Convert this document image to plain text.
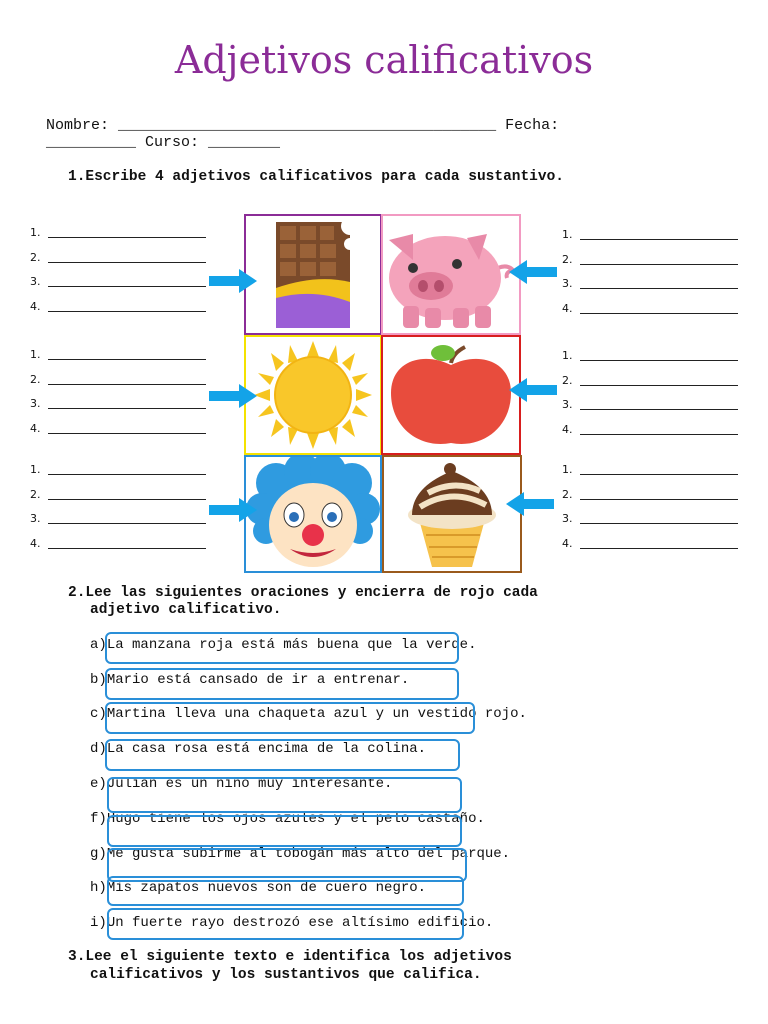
Adjetivos calificativos
Nombre: __________________________________________ Fecha:
__________ Curso: ________
1.Escribe 4 adjetivos calificativos para cada sustantivo.
1.
2.
3.
4.
1.
2.
3.
4.
1.
2.
3.
4.
1.
2.
3.
4.
1.
2.
3.
4.
1.
2.
3.
4.
2.Lee las siguientes oraciones y encierra de rojo cada
adjetivo calificativo.
a)La manzana roja está más buena que la verde.
b)Mario está cansado de ir a entrenar.
c)Martina lleva una chaqueta azul y un vestido rojo.
d)La casa rosa está encima de la colina.
e)Julián es un niño muy interesante.
f)Hugo tiene los ojos azules y el pelo castaño.
g)Me gusta subirme al tobogán más alto del parque.
h)Mis zapatos nuevos son de cuero negro.
i)Un fuerte rayo destrozó ese altísimo edificio.
3.Lee el siguiente texto e identifica los adjetivos
calificativos y los sustantivos que califica.
